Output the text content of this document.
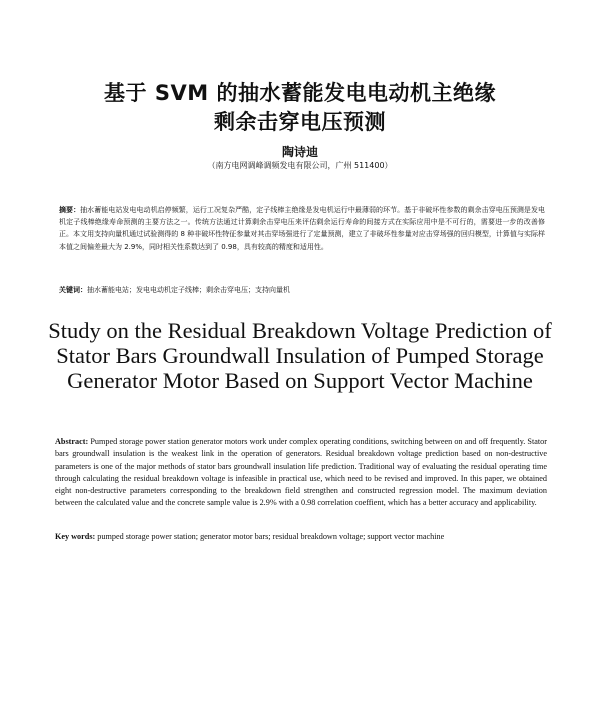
基于 SVM 的抽水蓄能发电电动机主绝缘
剩余击穿电压预测
陶诗迪
（南方电网调峰调频发电有限公司，广州 511400）
摘要：抽水蓄能电站发电电动机启停频繁，运行工况复杂严酷，定子线棒主绝缘是发电机运行中最薄弱的环节。基于非破坏性参数的剩余击穿电压预测是发电机定子线棒绝缘寿命预测的主要方法之一。传统方法通过计算剩余击穿电压来评估剩余运行寿命的间接方式在实际应用中是不可行的，需要进一步的改善修正。本文用支持向量机通过试验测得的 8 种非破坏性特征参量对其击穿场强进行了定量预测，建立了非破坏性参量对应击穿场强的回归模型，计算值与实际样本值之间偏差最大为 2.9%，同时相关性系数达到了 0.98，具有较高的精度和适用性。
关键词：抽水蓄能电站；发电电动机定子线棒；剩余击穿电压；支持向量机
Study on the Residual Breakdown Voltage Prediction of Stator Bars Groundwall Insulation of Pumped Storage Generator Motor Based on Support Vector Machine
Abstract: Pumped storage power station generator motors work under complex operating conditions, switching between on and off frequently. Stator bars groundwall insulation is the weakest link in the operation of generators. Residual breakdown voltage prediction based on non-destructive parameters is one of the major methods of stator bars groundwall insulation life prediction. Traditional way of evaluating the residual operating time through calculating the residual breakdown voltage is infeasible in practical use, which need to be revised and improved. In this paper, we obtained eight non-destructive parameters corresponding to the breakdown field strengthen and constructed regression model. The maximum deviation between the calculated value and the concrete sample value is 2.9% with a 0.98 correlation coeffient, which has a better accuracy and applicability.
Key words: pumped storage power station; generator motor bars; residual breakdown voltage; support vector machine
